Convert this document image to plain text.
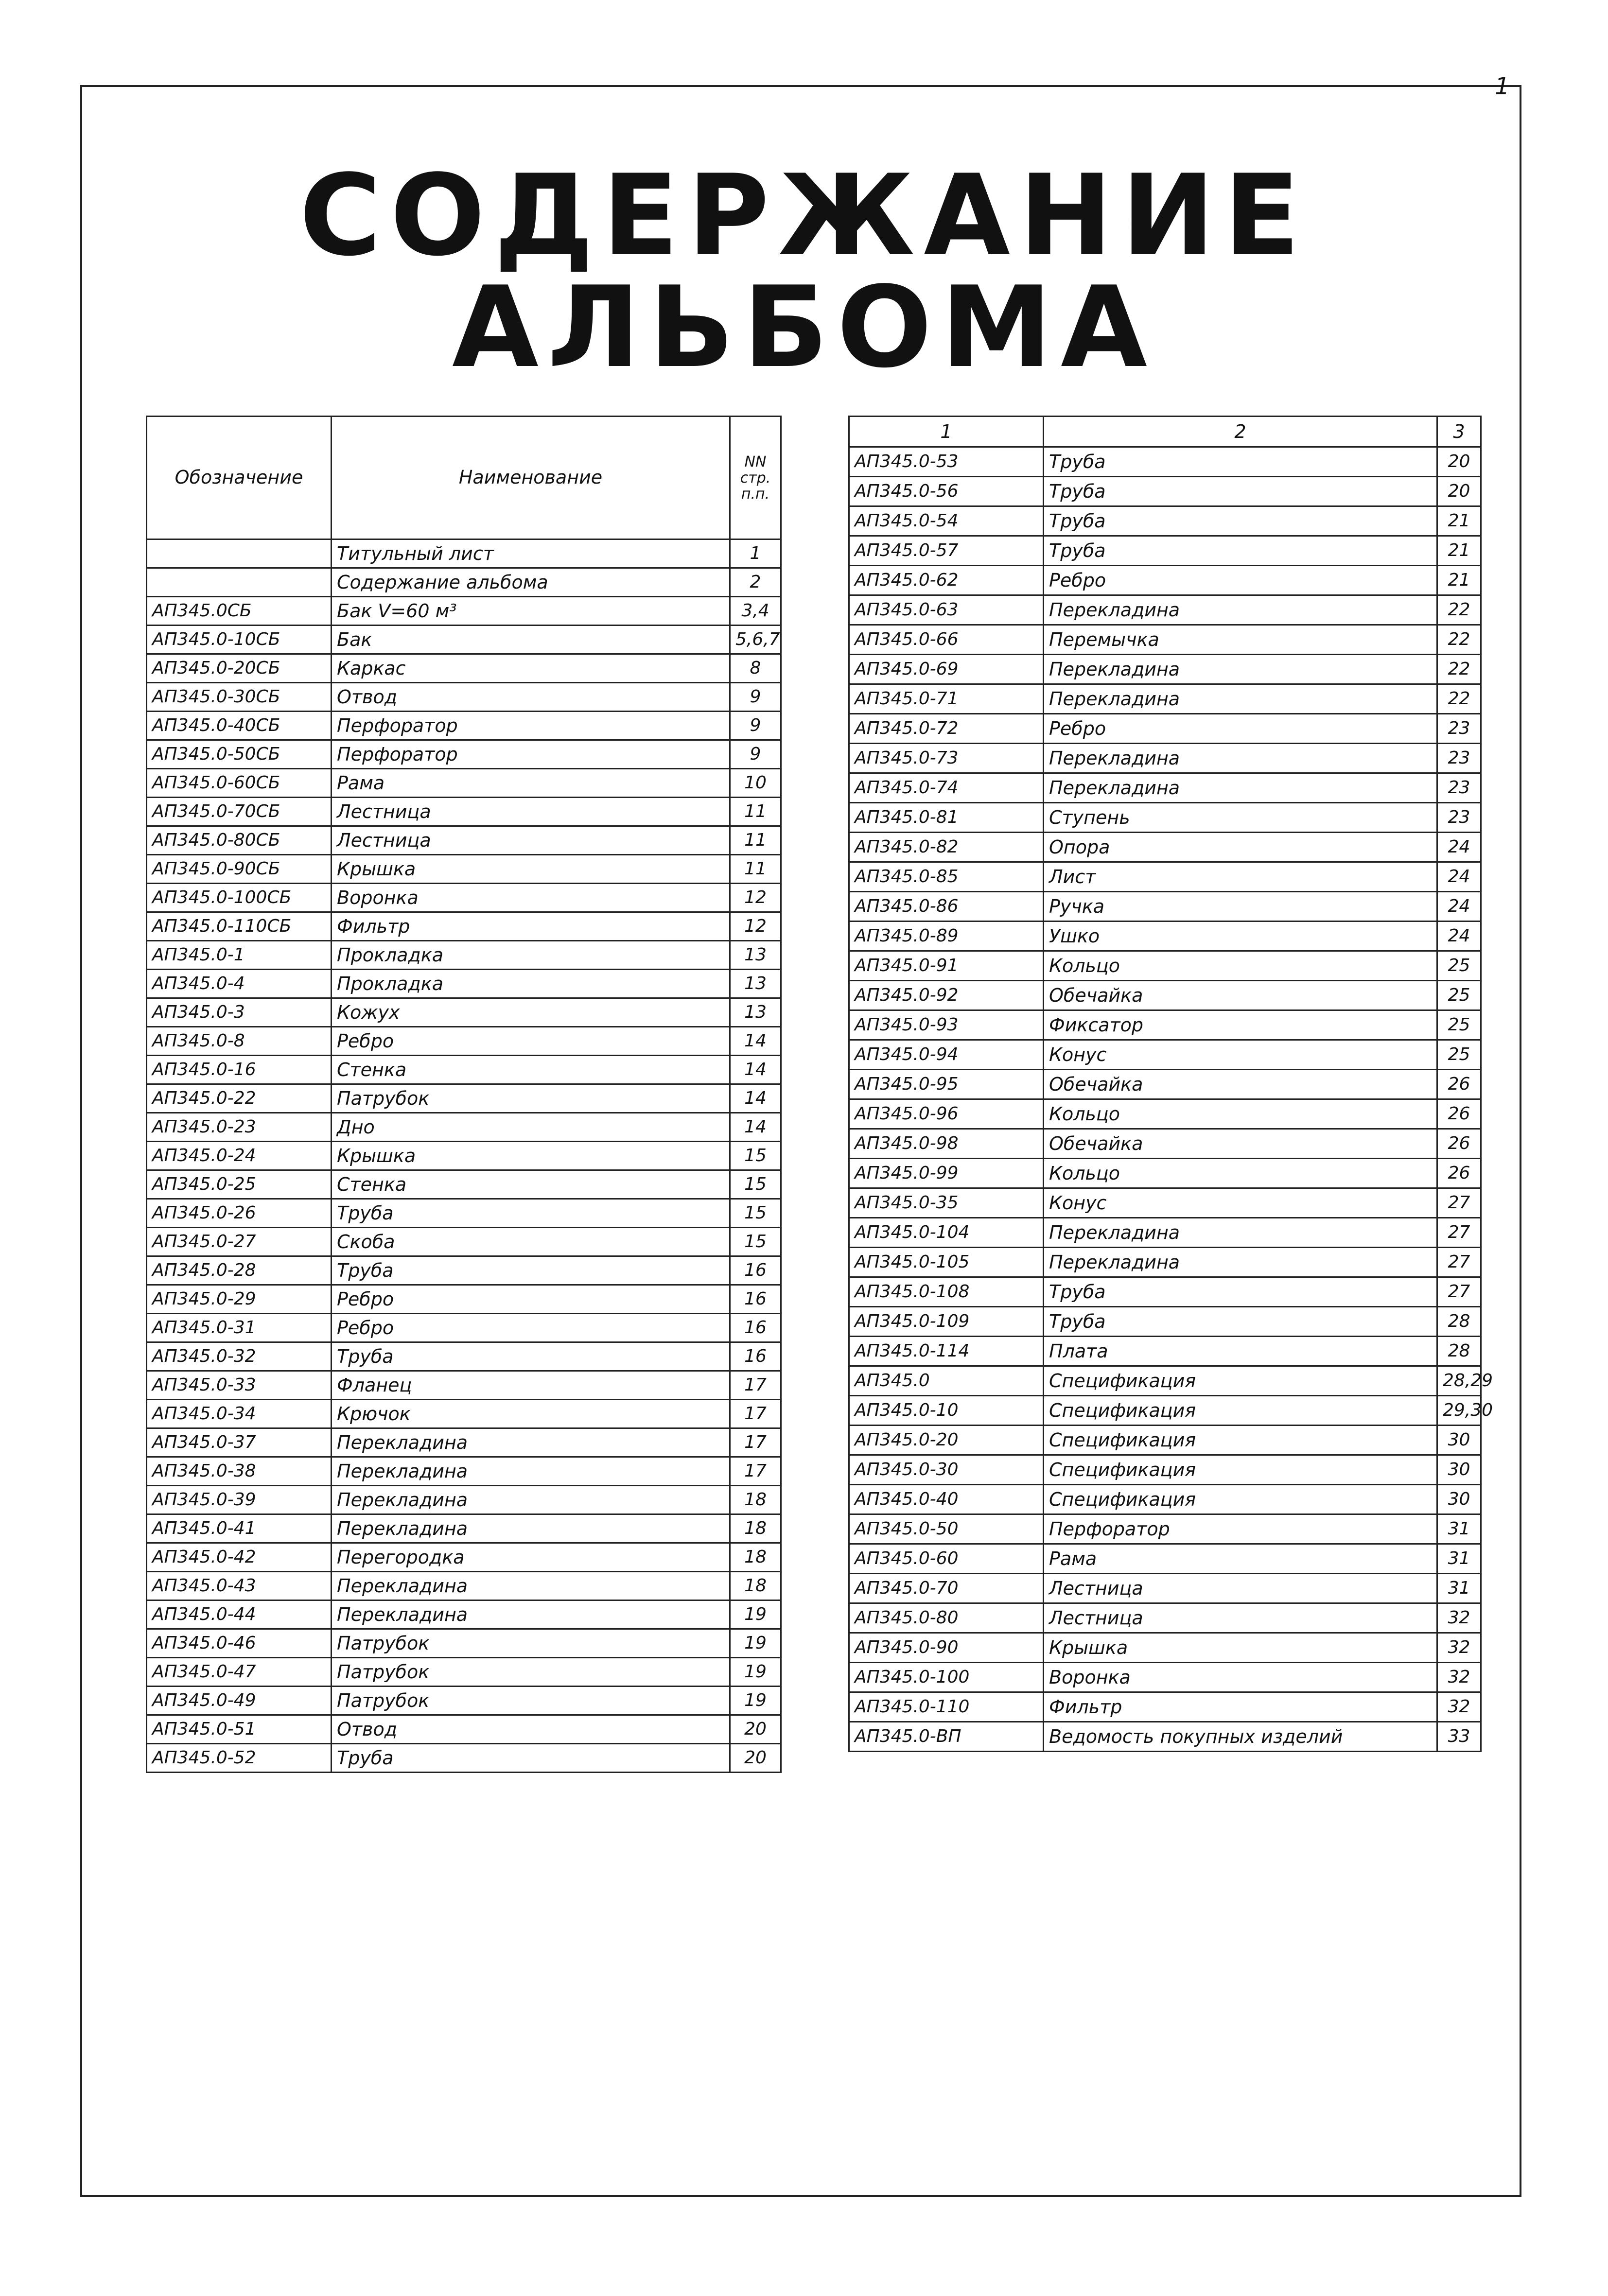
1
СОДЕРЖАНИЕ АЛЬБОМА
Обозначение	Наименование	NN стр. п.п.
	Титульный лист	1
	Содержание альбома	2
АП345.0СБ	Бак V=60 м³	3,4
АП345.0-10СБ	Бак	5,6,7
АП345.0-20СБ	Каркас	8
АП345.0-30СБ	Отвод	9
АП345.0-40СБ	Перфоратор	9
АП345.0-50СБ	Перфоратор	9
АП345.0-60СБ	Рама	10
АП345.0-70СБ	Лестница	11
АП345.0-80СБ	Лестница	11
АП345.0-90СБ	Крышка	11
АП345.0-100СБ	Воронка	12
АП345.0-110СБ	Фильтр	12
АП345.0-1	Прокладка	13
АП345.0-4	Прокладка	13
АП345.0-3	Кожух	13
АП345.0-8	Ребро	14
АП345.0-16	Стенка	14
АП345.0-22	Патрубок	14
АП345.0-23	Дно	14
АП345.0-24	Крышка	15
АП345.0-25	Стенка	15
АП345.0-26	Труба	15
АП345.0-27	Скоба	15
АП345.0-28	Труба	16
АП345.0-29	Ребро	16
АП345.0-31	Ребро	16
АП345.0-32	Труба	16
АП345.0-33	Фланец	17
АП345.0-34	Крючок	17
АП345.0-37	Перекладина	17
АП345.0-38	Перекладина	17
АП345.0-39	Перекладина	18
АП345.0-41	Перекладина	18
АП345.0-42	Перегородка	18
АП345.0-43	Перекладина	18
АП345.0-44	Перекладина	19
АП345.0-46	Патрубок	19
АП345.0-47	Патрубок	19
АП345.0-49	Патрубок	19
АП345.0-51	Отвод	20
АП345.0-52	Труба	20
1	2	3
АП345.0-53	Труба	20
АП345.0-56	Труба	20
АП345.0-54	Труба	21
АП345.0-57	Труба	21
АП345.0-62	Ребро	21
АП345.0-63	Перекладина	22
АП345.0-66	Перемычка	22
АП345.0-69	Перекладина	22
АП345.0-71	Перекладина	22
АП345.0-72	Ребро	23
АП345.0-73	Перекладина	23
АП345.0-74	Перекладина	23
АП345.0-81	Ступень	23
АП345.0-82	Опора	24
АП345.0-85	Лист	24
АП345.0-86	Ручка	24
АП345.0-89	Ушко	24
АП345.0-91	Кольцо	25
АП345.0-92	Обечайка	25
АП345.0-93	Фиксатор	25
АП345.0-94	Конус	25
АП345.0-95	Обечайка	26
АП345.0-96	Кольцо	26
АП345.0-98	Обечайка	26
АП345.0-99	Кольцо	26
АП345.0-35	Конус	27
АП345.0-104	Перекладина	27
АП345.0-105	Перекладина	27
АП345.0-108	Труба	27
АП345.0-109	Труба	28
АП345.0-114	Плата	28
АП345.0	Спецификация	28,29
АП345.0-10	Спецификация	29,30
АП345.0-20	Спецификация	30
АП345.0-30	Спецификация	30
АП345.0-40	Спецификация	30
АП345.0-50	Перфоратор	31
АП345.0-60	Рама	31
АП345.0-70	Лестница	31
АП345.0-80	Лестница	32
АП345.0-90	Крышка	32
АП345.0-100	Воронка	32
АП345.0-110	Фильтр	32
АП345.0-ВП	Ведомость покупных изделий	33
